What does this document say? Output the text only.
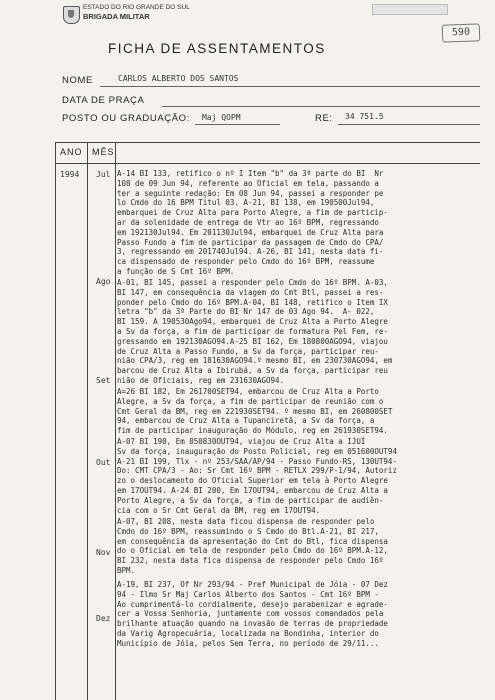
ESTADO DO RIO GRANDE DO SUL
BRIGADA MILITAR
590
FICHA DE ASSENTAMENTOS
NOME	CARLOS ALBERTO DOS SANTOS
DATA DE PRAÇA
POSTO OU GRADUAÇÃO: Maj QOPM	RE: 34 751.5
ANO MÊS
1994 Jul A-14 BI 133, retifico o nº I Item "b" da 3ª parte do BI  Nr
108 de 09 Jun 94, referente ao Oficial em tela, passando a
ter a seguinte redação: Em 08 Jun 94, passei a responder pe
lo Cmdo do 16 BPM Titul 03. A-21, BI 138, em 190500Jul94,
embarquei de Cruz Alta para Porto Alegre, a fim de particip-
ar da solenidade de entrega de Vtr ao 16º BPM, regressando
em 192130Jul94. Em 201130Jul94, embarquei de Cruz Alta para
Passo Fundo a fim de participar da passagem de Cmdo do CPA/
3, regressando em 201740Jul94. A-26, BI 141, nesta data fi-
ca dispensado de responder pelo Cmdo do 16º BPM, reassume
a função de S Cmt 16º BPM.
Ago A-01, BI 145, passei a responder pelo Cmdo do 16º BPM. A-03,
BI 147, em consequência da viagem do Cmt Btl, passei a res-
ponder pelo Cmdo do 16º BPM.A-04, BI 148, retifico o Item IX
letra "b" da 3ª Parte do BI Nr 147 de 03 Ago 94.  A- 022,
BI 159. A 190530Ago94, embarquei de Cruz Alta a Porto Alegre
a Sv da força, a fim de participar de formatura Pel Fem, re-
gressando em 192130AGO94.A-25 BI 162, Em 180800AGO94, viajou
de Cruz Alta a Passo Fundo, a Sv da força, participar reu-
nião CPA/3, reg em 181630AGO94.º mesmo BI, em 230730AGO94, em
barcou de Cruz Alta a Ibirubá, a Sv da força, participar reu
nião de Oficiais, reg em 231630AGO94.
Set
A=26 BI 182, Em 261700SET94, embarcou de Cruz Alta a Porto
Alegre, a Sv da força, a fim de participar de reunião com o
Cmt Geral da BM, reg em 221930SET94. º mesmo BI, em 260800SET
94, embarcou de Cruz Alta a Tupanciretã, a Sv da força, a
fim de participar inauguração do Módulo, reg em 261930SET94.
Out
A-07 BI 190, Em 050830OUT94, viajou de Cruz Alta a IJUÍ
Sv da força, inauguração do Posto Policial, reg em 051600OUT94
A-21 BI 199, Tlx - nº 253/SAA/AP/94 - Passo Fundo-RS, 130UT94-
Do: CMT CPA/3 - Ao: Sr Cmt 16º BPM - RETLX 299/P-1/94, Autoriz
zo o deslocamento do Oficial Superior em tela à Porto Alegre
em 17OUT94. A-24 BI 200, Em 17OUT94, embarcou de Cruz Alta a
Porto Alegre, a Sv da força, a fim de participar de audiên-
cia com o Sr Cmt Geral da BM, reg em 17OUT94.
Nov
A-07, BI 208, nesta data ficou dispensa de responder pelo
Cmdo do 16º BPM, reassumindo o S Cmdo do Btl.A-21, BI 217,
em consequência da apresentação do Cmt do Btl, fica dispensa
do o Oficial em tela de responder pelo Cmdo do 16º BPM.A-12,
BI 232, nesta data fica dispensa de responder pelo Cmdo 16º
BPM.
Dez
A-19, BI 237, Of Nr 293/94 - Pref Municipal de Jóia - 07 Dez
94 - Ilmo Sr Maj Carlos Alberto dos Santos - Cmt 16º BPM -
Ao cumprimentá-lo cordialmente, desejo parabenizar e agrade-
cer a Vossa Senhoria, juntamente com vossos comandados pela
brilhante atuação quando na invasão de terras de propriedade
da Varig Agropecuária, localizada na Bondinha, interior do
Município de Jóia, pelos Sem Terra, no período de 29/11...
